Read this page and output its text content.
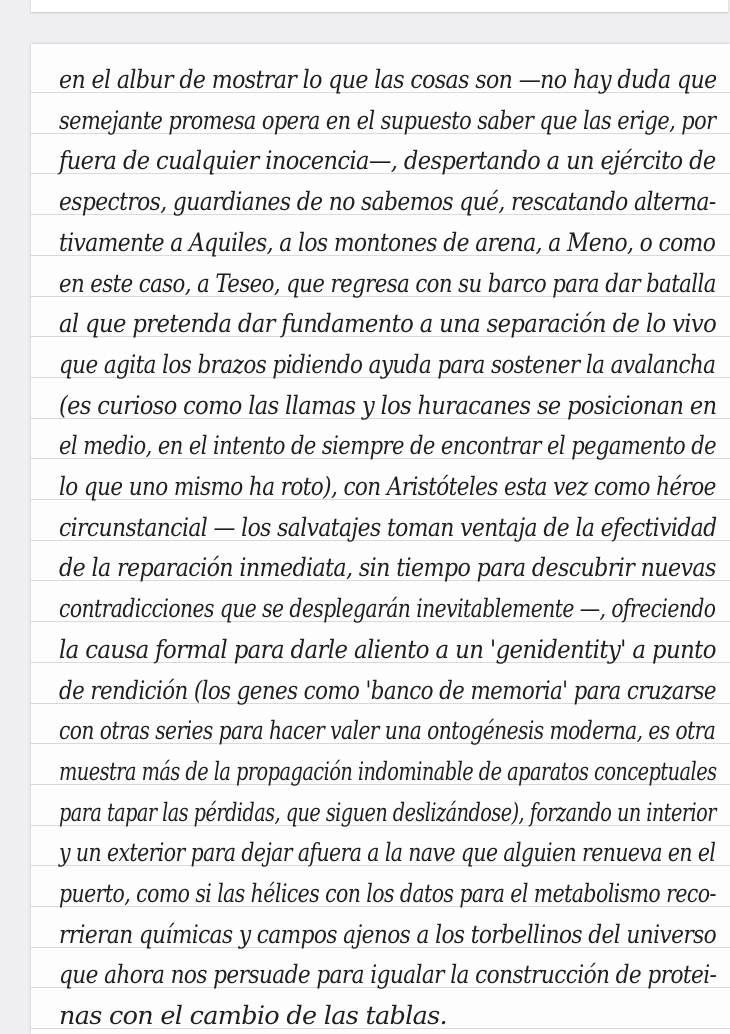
en el albur de mostrar lo que las cosas son —no hay duda que
semejante promesa opera en el supuesto saber que las erige, por
fuera de cualquier inocencia—, despertando a un ejército de
espectros, guardianes de no sabemos qué, rescatando alterna-
tivamente a Aquiles, a los montones de arena, a Meno, o como
en este caso, a Teseo, que regresa con su barco para dar batalla
al que pretenda dar fundamento a una separación de lo vivo
que agita los brazos pidiendo ayuda para sostener la avalancha
(es curioso como las llamas y los huracanes se posicionan en
el medio, en el intento de siempre de encontrar el pegamento de
lo que uno mismo ha roto), con Aristóteles esta vez como héroe
circunstancial — los salvatajes toman ventaja de la efectividad
de la reparación inmediata, sin tiempo para descubrir nuevas
contradicciones que se desplegarán inevitablemente —, ofreciendo
la causa formal para darle aliento a un 'genidentity' a punto
de rendición (los genes como 'banco de memoria' para cruzarse
con otras series para hacer valer una ontogénesis moderna, es otra
muestra más de la propagación indominable de aparatos conceptuales
para tapar las pérdidas, que siguen deslizándose), forzando un interior
y un exterior para dejar afuera a la nave que alguien renueva en el
puerto, como si las hélices con los datos para el metabolismo reco-
rrieran químicas y campos ajenos a los torbellinos del universo
que ahora nos persuade para igualar la construcción de protei-
nas con el cambio de las tablas.
